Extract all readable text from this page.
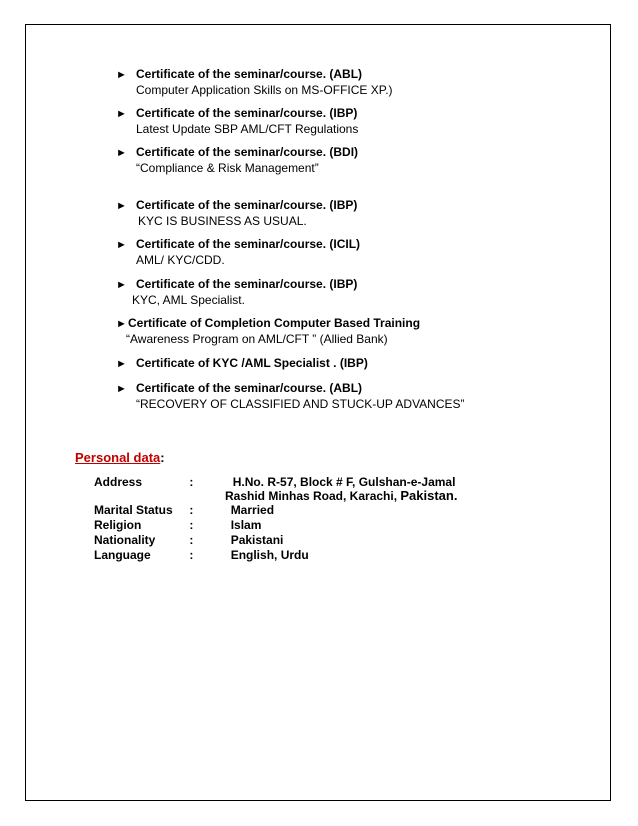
► Certificate of the seminar/course. (ABL)
Computer Application Skills on MS-OFFICE XP.)
► Certificate of the seminar/course. (IBP)
Latest Update SBP AML/CFT Regulations
► Certificate of the seminar/course. (BDI)
“Compliance & Risk Management”
► Certificate of the seminar/course. (IBP)
KYC IS BUSINESS AS USUAL.
► Certificate of the seminar/course. (ICIL)
AML/ KYC/CDD.
► Certificate of the seminar/course. (IBP)
KYC, AML Specialist.
►Certificate of Completion Computer Based Training
“Awareness Program on AML/CFT ” (Allied Bank)
► Certificate of KYC /AML Specialist . (IBP)
► Certificate of the seminar/course. (ABL)
“RECOVERY OF CLASSIFIED AND STUCK-UP ADVANCES”
Personal data:
Address	:	H.No. R-57, Block # F, Gulshan-e-Jamal
Rashid Minhas Road, Karachi, Pakistan.
Marital Status :	Married
Religion	:	Islam
Nationality	:	Pakistani
Language	:	English, Urdu
